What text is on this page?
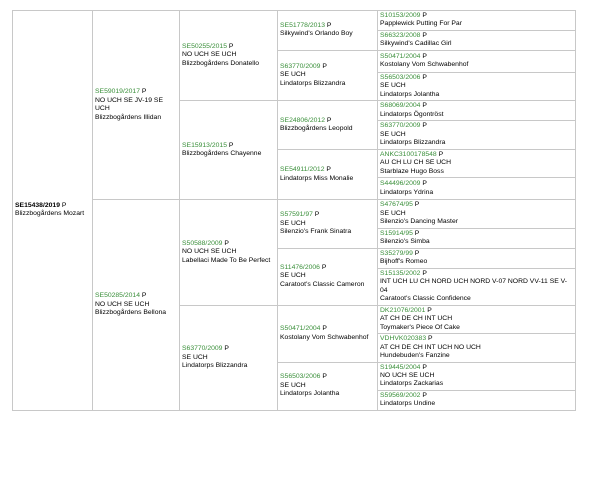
SE15438/2019 P
Blizzbogårdens Mozart	SE59019/2017 P
NO UCH SE JV-19 SE UCH
Blizzbogårdens Illidan	SE50255/2015 P
NO UCH SE UCH
Blizzbogårdens Donatello	SE51778/2013 P
Silkywind's Orlando Boy	S10153/2009 P
Papplewick Putting For Par

				S66323/2008 P
Silkywind's Cadillac Girl

			S63770/2009 P
SE UCH
Lindatorps Blizzandra	S50471/2004 P
Kostolany Vom Schwabenhof

				S56503/2006 P
SE UCH
Lindatorps Jolantha

		SE15913/2015 P
Blizzbogårdens Chayenne	SE24806/2012 P
Blizzbogårdens Leopold	S68069/2004 P
Lindatorps Ögontröst

				S63770/2009 P
SE UCH
Lindatorps Blizzandra

			SE54911/2012 P
Lindatorps Miss Monalie	ANKC3100178548 P
AU CH LU CH SE UCH
Starblaze Hugo Boss

				S44496/2009 P
Lindatorps Ydrina

	SE50285/2014 P
NO UCH SE UCH
Blizzbogårdens Bellona	S50588/2009 P
NO UCH SE UCH
Labellaci Made To Be Perfect	S57591/97 P
SE UCH
Silenzio's Frank Sinatra	S47674/95 P
SE UCH
Silenzio's Dancing Master

				S15914/95 P
Silenzio's Simba

			S11476/2006 P
SE UCH
Caratoot's Classic Cameron	S35279/99 P
Bijhoff's Romeo

				S15135/2002 P
INT UCH LU CH NORD UCH NORD V-07 NORD VV-11 SE V-04
Caratoot's Classic Confidence

		S63770/2009 P
SE UCH
Lindatorps Blizzandra	S50471/2004 P
Kostolany Vom Schwabenhof	DK21076/2001 P
AT CH DE CH INT UCH
Toymaker's Piece Of Cake

				VDHVK020383 P
AT CH DE CH INT UCH NO UCH
Hundebuden's Fanzine

			S56503/2006 P
SE UCH
Lindatorps Jolantha	S19445/2004 P
NO UCH SE UCH
Lindatorps Zackarias

				S59569/2002 P
Lindatorps Undine
